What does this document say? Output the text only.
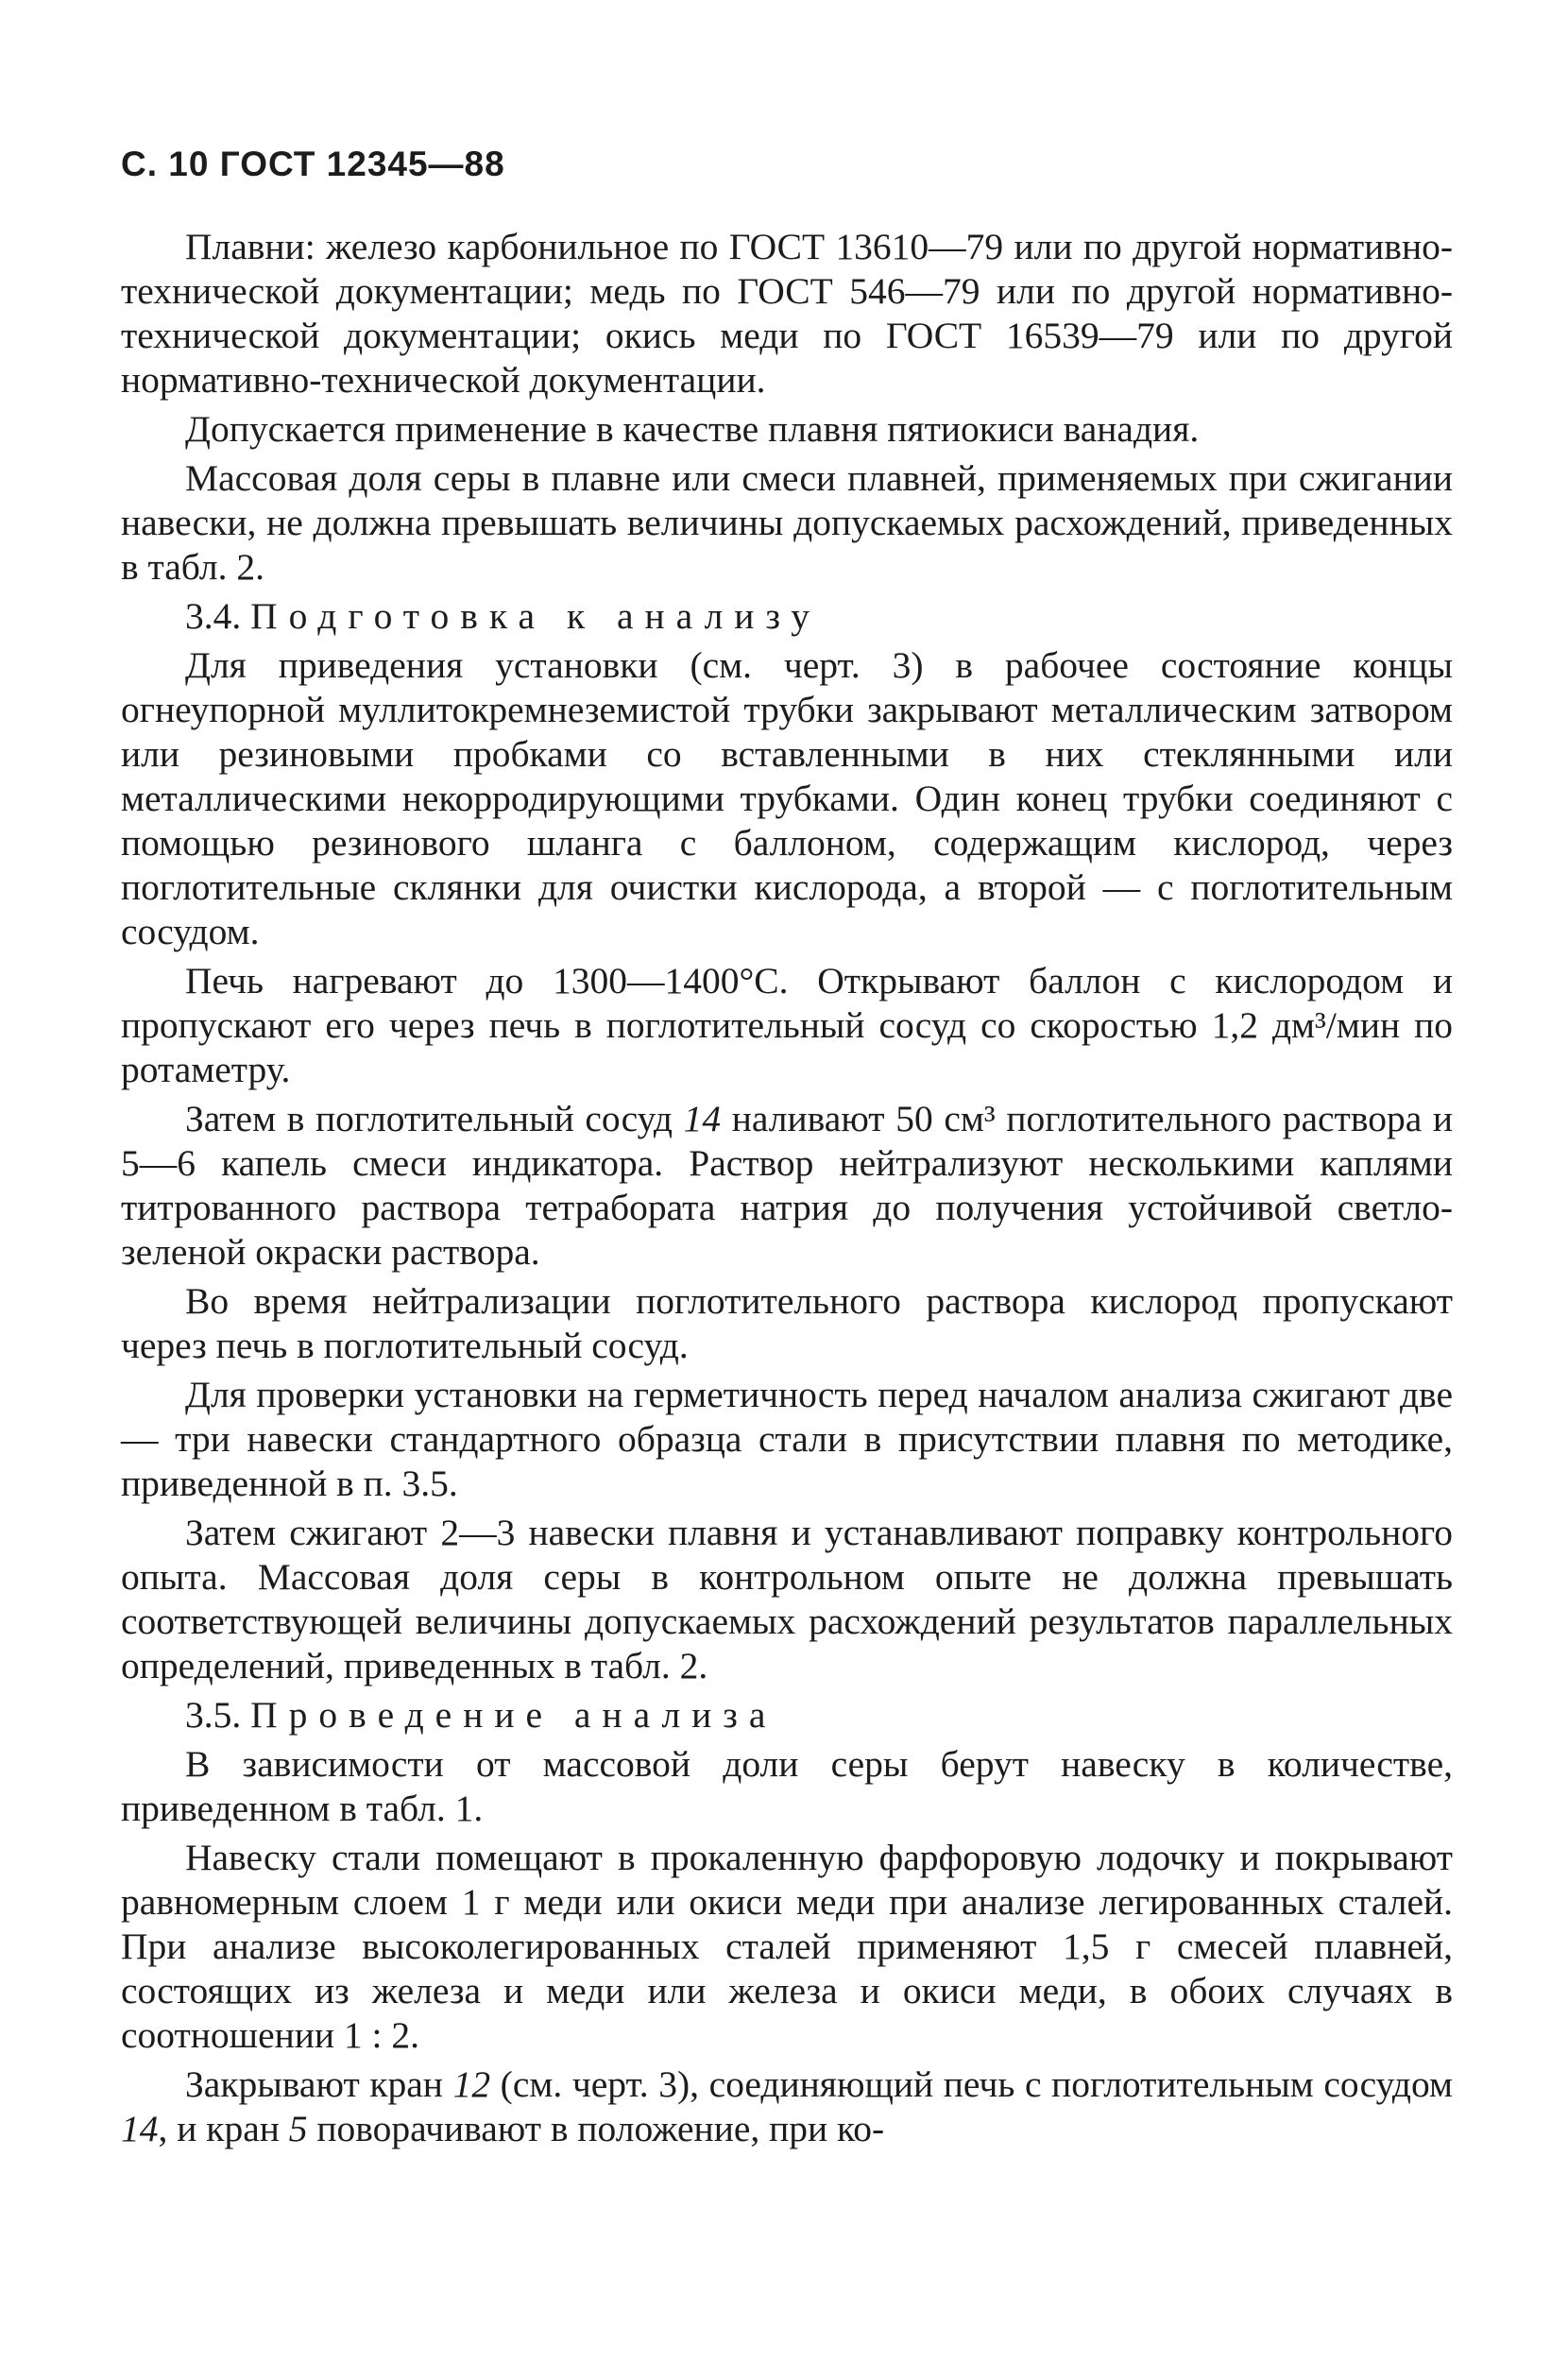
С. 10 ГОСТ 12345—88

Плавни: железо карбонильное по ГОСТ 13610—79 или по другой нормативно-технической документации; медь по ГОСТ 546—79 или по другой нормативно-технической документации; окись меди по ГОСТ 16539—79 или по другой нормативно-технической документации.

Допускается применение в качестве плавня пятиокиси ванадия.

Массовая доля серы в плавне или смеси плавней, применяемых при сжигании навески, не должна превышать величины допускаемых расхождений, приведенных в табл. 2.

3.4. Подготовка к анализу

Для приведения установки (см. черт. 3) в рабочее состояние концы огнеупорной муллитокремнеземистой трубки закрывают металлическим затвором или резиновыми пробками со вставленными в них стеклянными или металлическими некорродирующими трубками. Один конец трубки соединяют с помощью резинового шланга с баллоном, содержащим кислород, через поглотительные склянки для очистки кислорода, а второй — с поглотительным сосудом.

Печь нагревают до 1300—1400°С. Открывают баллон с кислородом и пропускают его через печь в поглотительный сосуд со скоростью 1,2 дм³/мин по ротаметру.

Затем в поглотительный сосуд 14 наливают 50 см³ поглотительного раствора и 5—6 капель смеси индикатора. Раствор нейтрализуют несколькими каплями титрованного раствора тетрабората натрия до получения устойчивой светло-зеленой окраски раствора.

Во время нейтрализации поглотительного раствора кислород пропускают через печь в поглотительный сосуд.

Для проверки установки на герметичность перед началом анализа сжигают две — три навески стандартного образца стали в присутствии плавня по методике, приведенной в п. 3.5.

Затем сжигают 2—3 навески плавня и устанавливают поправку контрольного опыта. Массовая доля серы в контрольном опыте не должна превышать соответствующей величины допускаемых расхождений результатов параллельных определений, приведенных в табл. 2.

3.5. Проведение анализа

В зависимости от массовой доли серы берут навеску в количестве, приведенном в табл. 1.

Навеску стали помещают в прокаленную фарфоровую лодочку и покрывают равномерным слоем 1 г меди или окиси меди при анализе легированных сталей. При анализе высоколегированных сталей применяют 1,5 г смесей плавней, состоящих из железа и меди или железа и окиси меди, в обоих случаях в соотношении 1 : 2.

Закрывают кран 12 (см. черт. 3), соединяющий печь с поглотительным сосудом 14, и кран 5 поворачивают в положение, при ко-
